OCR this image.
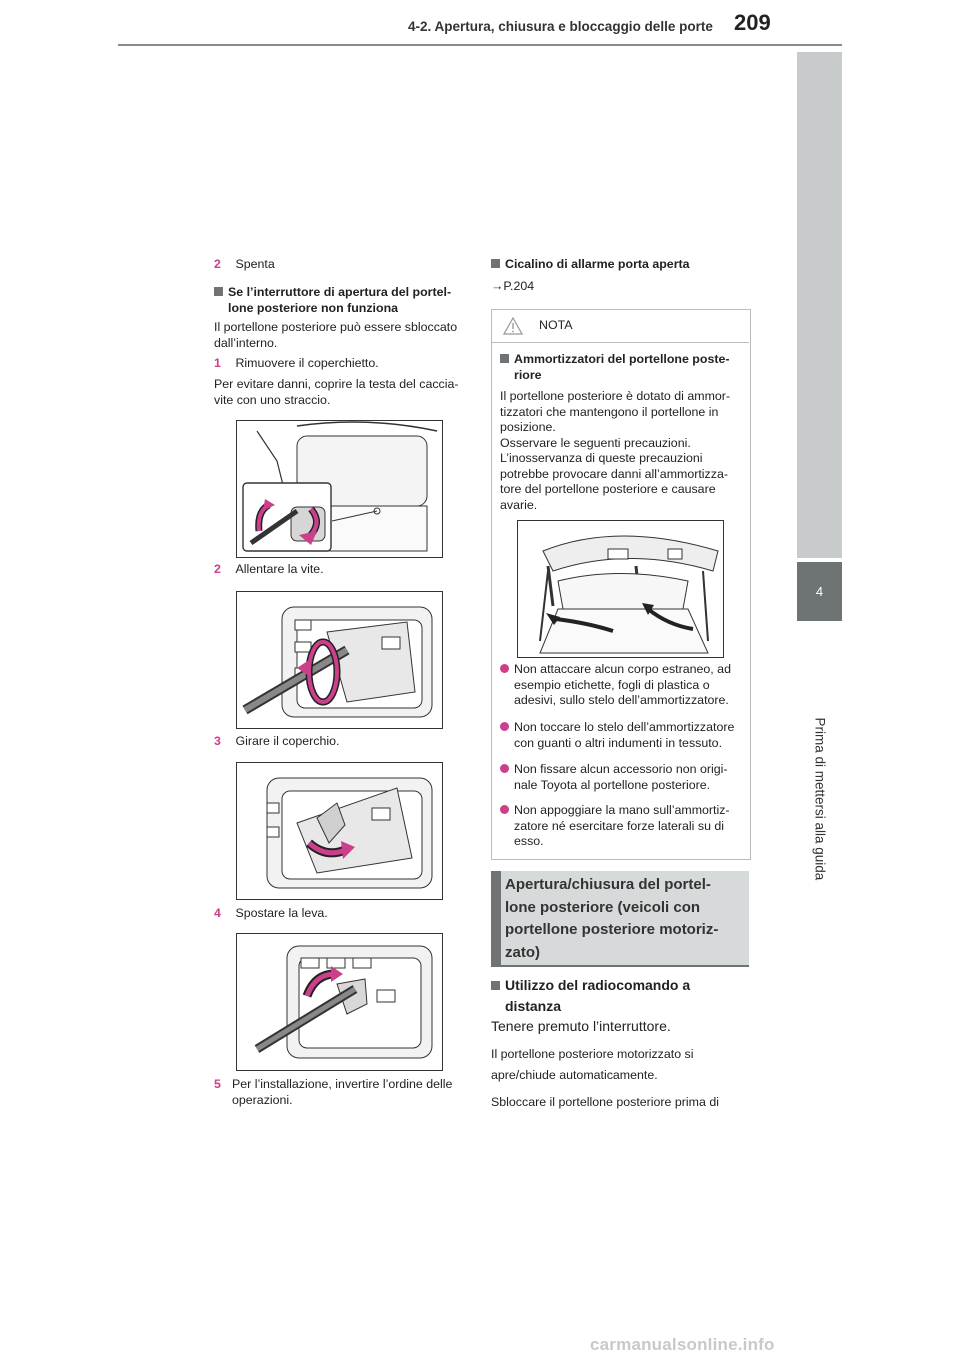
4-2. Apertura, chiusura e bloccaggio delle porte 209
4
Prima di mettersi alla guida
2 Spenta
Se l’interruttore di apertura del portel-
lone posteriore non funziona
Il portellone posteriore può essere sbloccato
dall’interno.
1 Rimuovere il coperchietto.
Per evitare danni, coprire la testa del caccia-
vite con uno straccio.
2 Allentare la vite.
3 Girare il coperchio.
4 Spostare la leva.
5 Per l’installazione, invertire l’ordine delle
operazioni.
Cicalino di allarme porta aperta
→P.204
NOTA
Ammortizzatori del portellone poste-
riore
Il portellone posteriore è dotato di ammor-
tizzatori che mantengono il portellone in
posizione.
Osservare le seguenti precauzioni.
L’inosservanza di queste precauzioni
potrebbe provocare danni all’ammortizza-
tore del portellone posteriore e causare
avarie.
Non attaccare alcun corpo estraneo, ad
esempio etichette, fogli di plastica o
adesivi, sullo stelo dell’ammortizzatore.
Non toccare lo stelo dell’ammortizzatore
con guanti o altri indumenti in tessuto.
Non fissare alcun accessorio non origi-
nale Toyota al portellone posteriore.
Non appoggiare la mano sull’ammortiz-
zatore né esercitare forze laterali su di
esso.
Apertura/chiusura del portel-
lone posteriore (veicoli con
portellone posteriore motoriz-
zato)
Utilizzo del radiocomando a
distanza
Tenere premuto l’interruttore.
Il portellone posteriore motorizzato si
apre/chiude automaticamente.
Sbloccare il portellone posteriore prima di
carmanualsonline.info
